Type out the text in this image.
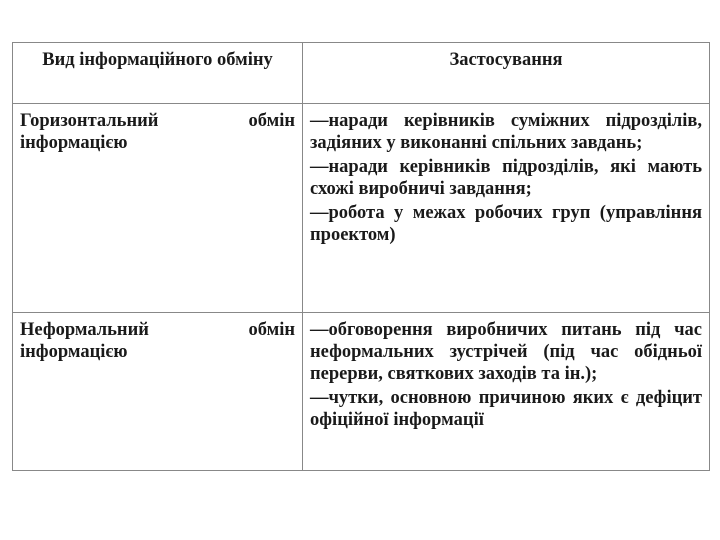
Вид інформаційного обміну	Застосування

Горизонтальний обмін інформацією	—наради керівників суміжних підрозділів, задіяних у виконанні спільних завдань;

—наради керівників підрозділів, які мають схожі виробничі завдання;

—робота у межах робочих груп (управління проектом)

Неформальний обмін інформацією	—обговорення виробничих питань під час неформальних зустрічей (під час обідньої перерви, святкових заходів та ін.);

—чутки, основною причиною яких є дефіцит офіційної інформації
